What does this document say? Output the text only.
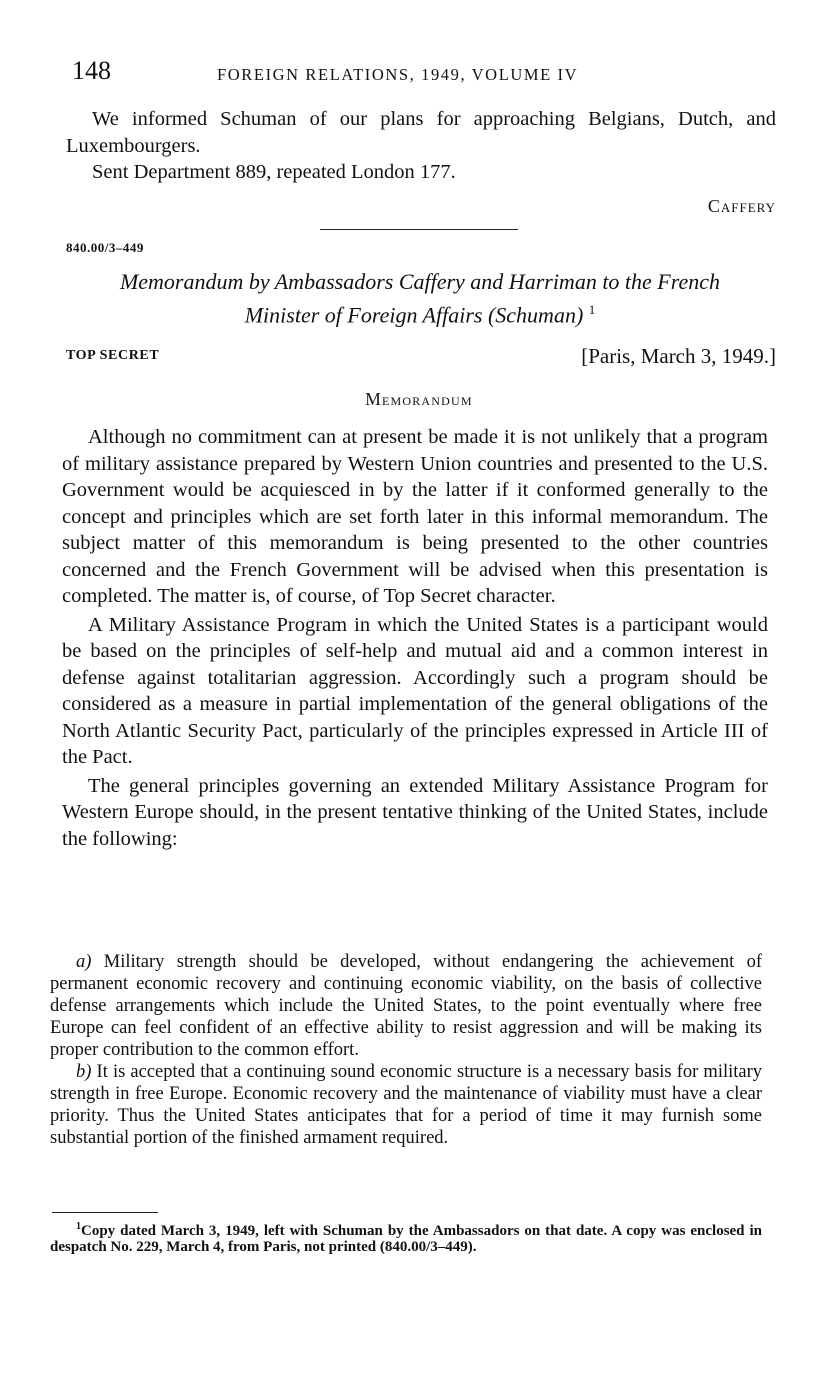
148	FOREIGN RELATIONS, 1949, VOLUME IV

We informed Schuman of our plans for approaching Belgians, Dutch, and Luxembourgers.

Sent Department 889, repeated London 177.

Caffery
840.00/3–449
Memorandum by Ambassadors Caffery and Harriman to the French
Minister of Foreign Affairs (Schuman) $^1$
TOP SECRET	[Paris, March 3, 1949.]
Memorandum

Although no commitment can at present be made it is not unlikely that a program of military assistance prepared by Western Union countries and presented to the U.S. Government would be acquiesced in by the latter if it conformed generally to the concept and principles which are set forth later in this informal memorandum. The subject matter of this memorandum is being presented to the other countries concerned and the French Government will be advised when this presentation is completed. The matter is, of course, of Top Secret character.

A Military Assistance Program in which the United States is a participant would be based on the principles of self-help and mutual aid and a common interest in defense against totalitarian aggression. Accordingly such a program should be considered as a measure in partial implementation of the general obligations of the North Atlantic Security Pact, particularly of the principles expressed in Article III of the Pact.

The general principles governing an extended Military Assistance Program for Western Europe should, in the present tentative thinking of the United States, include the following:

a) Military strength should be developed, without endangering the achievement of permanent economic recovery and continuing economic viability, on the basis of collective defense arrangements which include the United States, to the point eventually where free Europe can feel confident of an effective ability to resist aggression and will be making its proper contribution to the common effort.

b) It is accepted that a continuing sound economic structure is a necessary basis for military strength in free Europe. Economic recovery and the maintenance of viability must have a clear priority. Thus the United States anticipates that for a period of time it may furnish some substantial portion of the finished armament required.

$^1$Copy dated March 3, 1949, left with Schuman by the Ambassadors on that date. A copy was enclosed in despatch No. 229, March 4, from Paris, not printed (840.00/3–449).
